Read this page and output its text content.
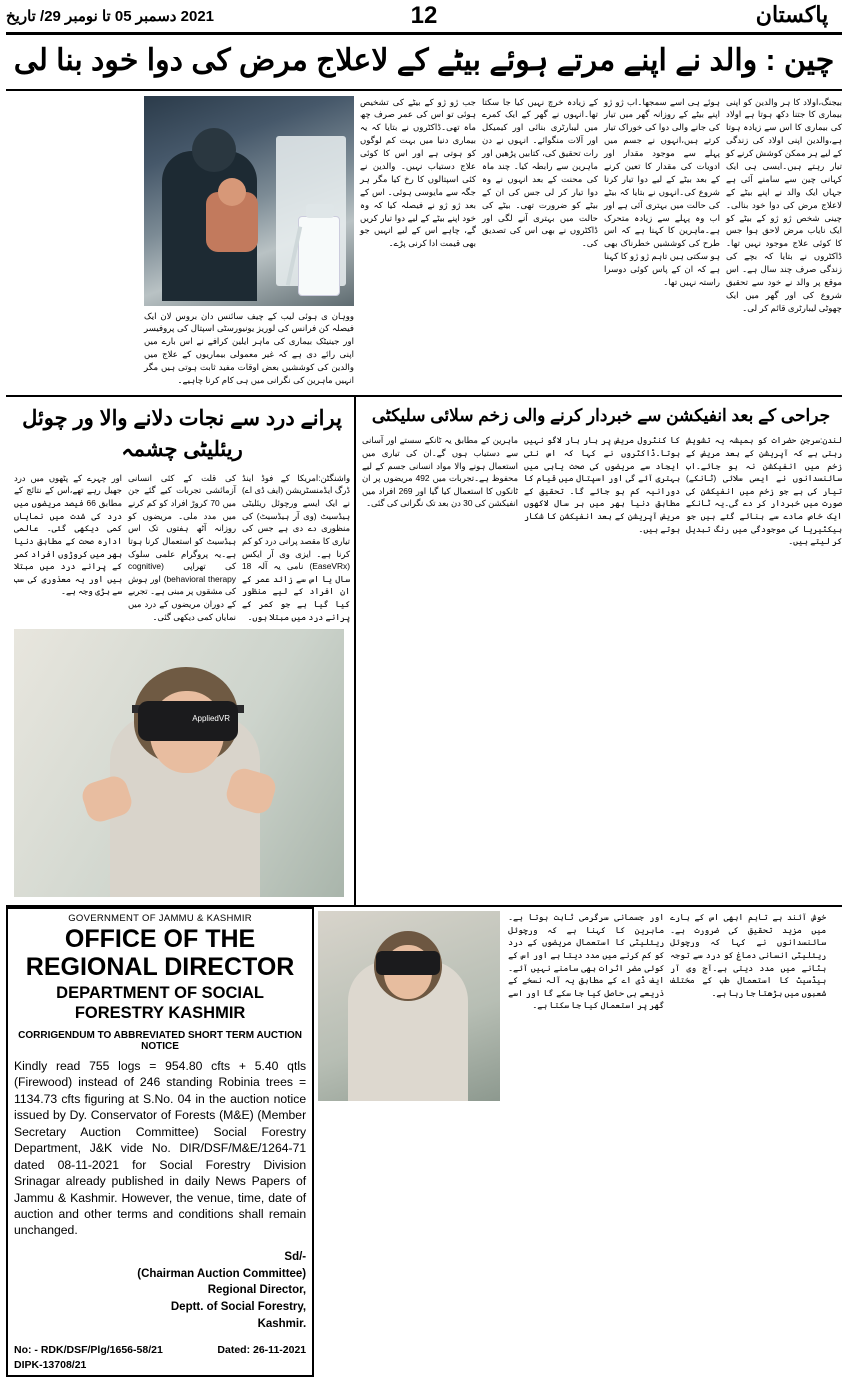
2021 دسمبر 05 تا نومبر 29/ تاریخ	12	پاکستان
چین : والد نے اپنے مرتے ہوئے بیٹے کے لاعلاج مرض کی دوا خود بنا لی

بیجنگ،اولاد کا ہر والدین کو اپنی بیماری کا جتنا دکھ ہوتا ہے اولاد کی بیماری کا اس سے زیادہ ہوتا ہے،والدین اپنی اولاد کی زندگی کے لیے ہر ممکن کوشش کرنے کو تیار رہتے ہیں۔ایسی ہی ایک کہانی چین سے سامنے آئی ہے جہاں ایک والد نے اپنے بیٹے کے لاعلاج مرض کی دوا خود بنالی۔ چینی شخص ژو ژو کے بیٹے کو ایک نایاب مرض لاحق ہوا جس کا کوئی علاج موجود نہیں تھا۔ڈاکٹروں نے بتایا کہ بچے کی زندگی صرف چند سال ہے۔ اس موقع پر والد نے خود سے تحقیق شروع کی اور گھر میں ایک چھوٹی لیبارٹری قائم کر لی۔

ہوئے ہی اسے سمجھا۔اب ژو ژو اپنے بیٹے کے روزانہ گھر میں تیار کی جانے والی دوا کی خوراک تیار کرتے ہیں،انہوں نے جسم میں پہلے سے موجود مقدار اور ادویات کی مقدار کا تعین کرنے کے بعد بیٹے کے لیے دوا تیار کرنا شروع کی۔انہوں نے بتایا کہ بیٹے کی حالت میں بہتری آئی ہے اور اب وہ پہلے سے زیادہ متحرک ہے۔ماہرین کا کہنا ہے کہ اس طرح کی کوششیں خطرناک بھی ہو سکتی ہیں تاہم ژو ژو کا کہنا ہے کہ ان کے پاس کوئی دوسرا راستہ نہیں تھا۔

کے زیادہ خرچ نہیں کیا جا سکتا تھا۔انہوں نے گھر کے ایک کمرے میں لیبارٹری بنائی اور کیمیکل اور آلات منگوائے۔ انہوں نے دن رات تحقیق کی، کتابیں پڑھیں اور ماہرین سے رابطہ کیا۔ چند ماہ کی محنت کے بعد انہوں نے وہ دوا تیار کر لی جس کی ان کے بیٹے کو ضرورت تھی۔ بیٹے کی حالت میں بہتری آنے لگی اور ڈاکٹروں نے بھی اس کی تصدیق کی۔

جب ژو ژو کے بیٹے کی تشخیص ہوئی تو اس کی عمر صرف چھ ماہ تھی۔ڈاکٹروں نے بتایا کہ یہ بیماری دنیا میں بہت کم لوگوں کو ہوتی ہے اور اس کا کوئی علاج دستیاب نہیں۔ والدین نے کئی اسپتالوں کا رخ کیا مگر ہر جگہ سے مایوسی ہوئی۔ اس کے بعد ژو ژو نے فیصلہ کیا کہ وہ خود اپنے بیٹے کے لیے دوا تیار کریں گے، چاہے اس کے لیے انہیں جو بھی قیمت ادا کرنی پڑے۔

ووہان ی ہوئی لیب کے چیف سائنس دان بروس لان ایک فیصلہ کن فرانس کی لوریز یونیورسٹی اسپتال کی پروفیسر اور جینیٹک بیماری کی ماہر ایلین کرافے نے اس بارے میں اپنی رائے دی ہے کہ غیر معمولی بیماریوں کے علاج میں والدین کی کوششیں بعض اوقات مفید ثابت ہوتی ہیں مگر انہیں ماہرین کی نگرانی میں ہی کام کرنا چاہیے۔

جراحی کے بعد انفیکشن سے خبردار کرنے والی زخم سلائی سلیکٹی

لندن:سرجن حضرات کو ہمیشہ یہ تشویش رہتی ہے کہ آپریشن کے بعد مریض کے زخم میں انفیکشن نہ ہو جائے۔اب سائنسدانوں نے ایسی سلائی (ٹانکے) تیار کی ہے جو زخم میں انفیکشن کی صورت میں خبردار کر دے گی۔یہ ٹانکے ایک خاص مادے سے بنائے گئے ہیں جو بیکٹیریا کی موجودگی میں رنگ تبدیل کر لیتے ہیں۔

کا کنٹرول مریض پر بار بار لاگو نہیں ہوتا۔ڈاکٹروں نے کہا کہ اس نئی ایجاد سے مریضوں کی صحت یابی میں بہتری آئے گی اور اسپتال میں قیام کا دورانیہ کم ہو جائے گا۔ تحقیق کے مطابق دنیا بھر میں ہر سال لاکھوں مریض آپریشن کے بعد انفیکشن کا شکار ہوتے ہیں۔

ماہرین کے مطابق یہ ٹانکے سستے اور آسانی سے دستیاب ہوں گے۔ان کی تیاری میں استعمال ہونے والا مواد انسانی جسم کے لیے محفوظ ہے۔تجربات میں 492 مریضوں پر ان ٹانکوں کا استعمال کیا گیا اور 269 افراد میں انفیکشن کی 30 دن بعد تک نگرانی کی گئی۔

پرانے درد سے نجات دلانے والا ور چوئل ریئلیٹی چشمہ

واشنگٹن:امریکا کے فوڈ اینڈ ڈرگ ایڈمنسٹریشن (ایف ڈی اے) نے ایک ایسے ورچوئل ریئلیٹی ہیڈسیٹ (وی آر ہیڈسیٹ) کی منظوری دے دی ہے جس کی تیاری کا مقصد پرانی درد کو کم کرنا ہے۔ ایزی وی آر ایکس (EaseVRx) نامی یہ آلہ 18 سال یا اس سے زائد عمر کے ان افراد کے لیے منظور کیا گیا ہے جو کمر کے پرانے درد میں مبتلا ہوں۔

کی قلت کے کئی انسانی آزمائشی تجربات کیے گئے جن میں 70 کروڑ افراد کو کم کرنے میں مدد ملی۔ مریضوں کو روزانہ آٹھ ہفتوں تک اس ہیڈسیٹ کو استعمال کرنا ہوتا ہے۔یہ پروگرام علمی سلوک کی تھراپی (cognitive behavioral therapy) اور ہوش کی مشقوں پر مبنی ہے۔ تجربے کے دوران مریضوں کے درد میں نمایاں کمی دیکھی گئی۔

اور چہرے کے پٹھوں میں درد جھیل رہے تھے،اس کے نتائج کے مطابق 66 فیصد مریضوں میں درد کی شدت میں نمایاں کمی دیکھی گئی۔ عالمی ادارہ صحت کے مطابق دنیا بھر میں کروڑوں افراد کمر کے پرانے درد میں مبتلا ہیں اور یہ معذوری کی سب سے بڑی وجہ ہے۔

AppliedVR

اور جسمانی سرگرمی ثابت ہوتا ہے۔ماہرین کا کہنا ہے کہ ورچوئل ریئلیٹی کا استعمال مریضوں کے درد کو کم کرنے میں مدد دیتا ہے اور اس کے کوئی مضر اثرات بھی سامنے نہیں آئے۔ ایف ڈی اے کے مطابق یہ آلہ نسخے کے ذریعے ہی حاصل کیا جا سکے گا اور اسے گھر پر استعمال کیا جا سکتا ہے۔

خوش آئند ہے تاہم ابھی اس کے بارے میں مزید تحقیق کی ضرورت ہے۔سائنسدانوں نے کہا کہ ورچوئل ریئلیٹی انسانی دماغ کو درد سے توجہ ہٹانے میں مدد دیتی ہے۔آج وی آر ہیڈسیٹ کا استعمال طب کے مختلف شعبوں میں بڑھتا جا رہا ہے۔

GOVERNMENT OF JAMMU & KASHMIR
OFFICE OF THE REGIONAL DIRECTOR
DEPARTMENT OF SOCIAL FORESTRY KASHMIR
CORRIGENDUM TO ABBREVIATED SHORT TERM AUCTION NOTICE
Kindly read 755 logs = 954.80 cfts + 5.40 qtls (Firewood) instead of 246 standing Robinia trees = 1134.73 cfts figuring at S.No. 04 in the auction notice issued by Dy. Conservator of Forests (M&E) (Member Secretary Auction Committee) Social Forestry Department, J&K vide No. DIR/DSF/M&E/1264-71 dated 08-11-2021 for Social Forestry Division Srinagar already published in daily News Papers of Jammu & Kashmir. However, the venue, time, date of auction and other terms and conditions shall remain unchanged.
Sd/-
(Chairman Auction Committee)
Regional Director,
Deptt. of Social Forestry,
Kashmir.
No: - RDK/DSF/Plg/1656-58/21	Dated: 26-11-2021
DIPK-13708/21
